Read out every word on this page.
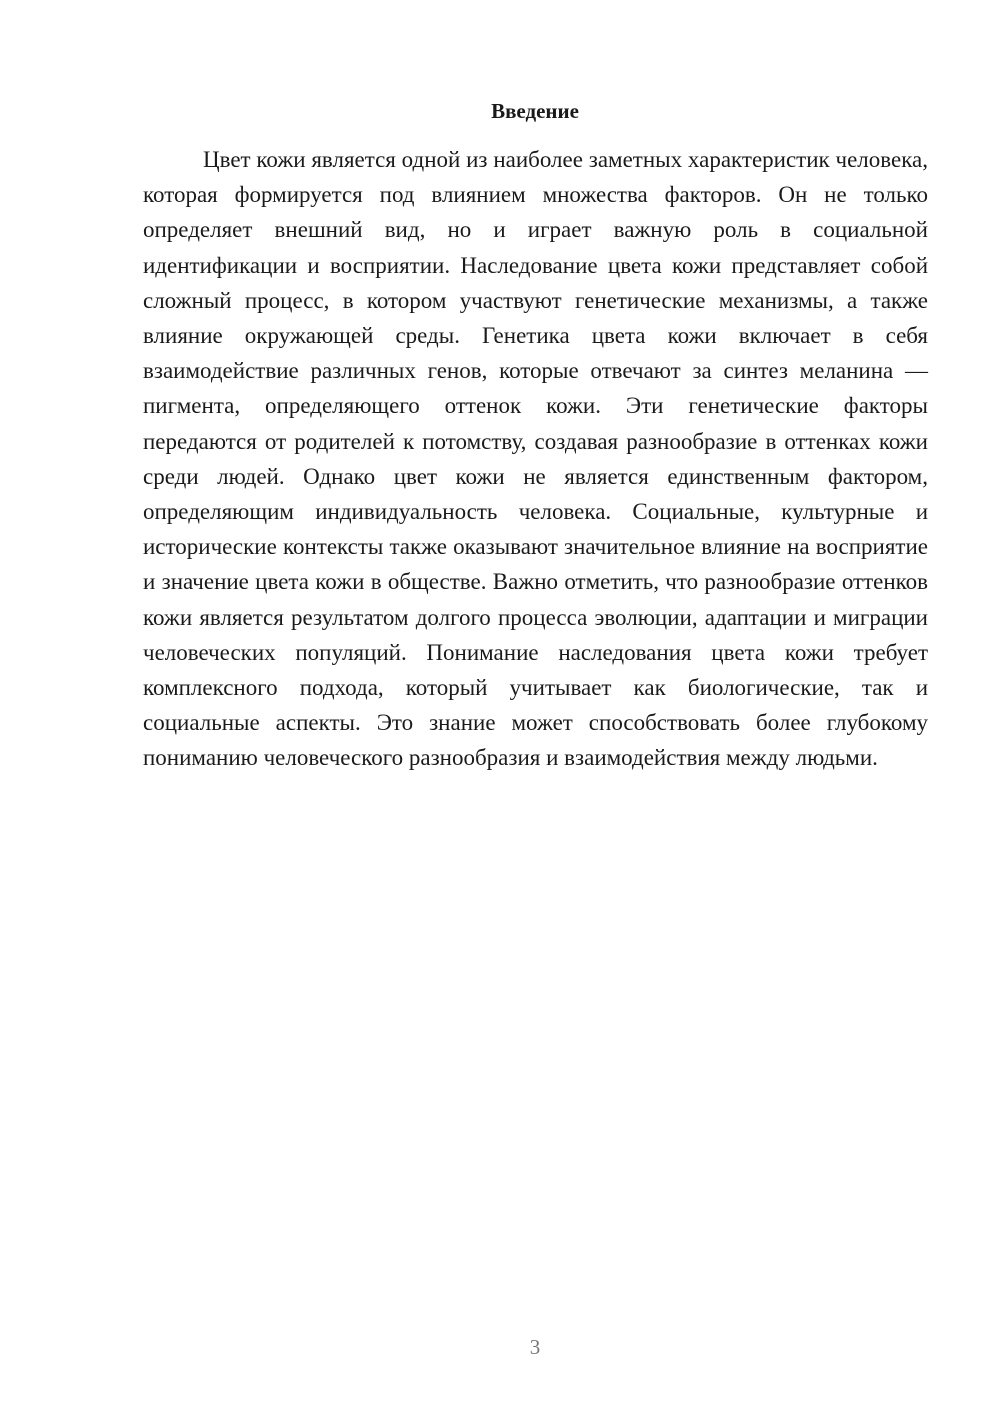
Введение

Цвет кожи является одной из наиболее заметных характеристик человека, которая формируется под влиянием множества факторов. Он не только определяет внешний вид, но и играет важную роль в социальной идентификации и восприятии. Наследование цвета кожи представляет собой сложный процесс, в котором участвуют генетические механизмы, а также влияние окружающей среды. Генетика цвета кожи включает в себя взаимодействие различных генов, которые отвечают за синтез меланина — пигмента, определяющего оттенок кожи. Эти генетические факторы передаются от родителей к потомству, создавая разнообразие в оттенках кожи среди людей. Однако цвет кожи не является единственным фактором, определяющим индивидуальность человека. Социальные, культурные и исторические контексты также оказывают значительное влияние на восприятие и значение цвета кожи в обществе. Важно отметить, что разнообразие оттенков кожи является результатом долгого процесса эволюции, адаптации и миграции человеческих популяций. Понимание наследования цвета кожи требует комплексного подхода, который учитывает как биологические, так и социальные аспекты. Это знание может способствовать более глубокому пониманию человеческого разнообразия и взаимодействия между людьми.

3
